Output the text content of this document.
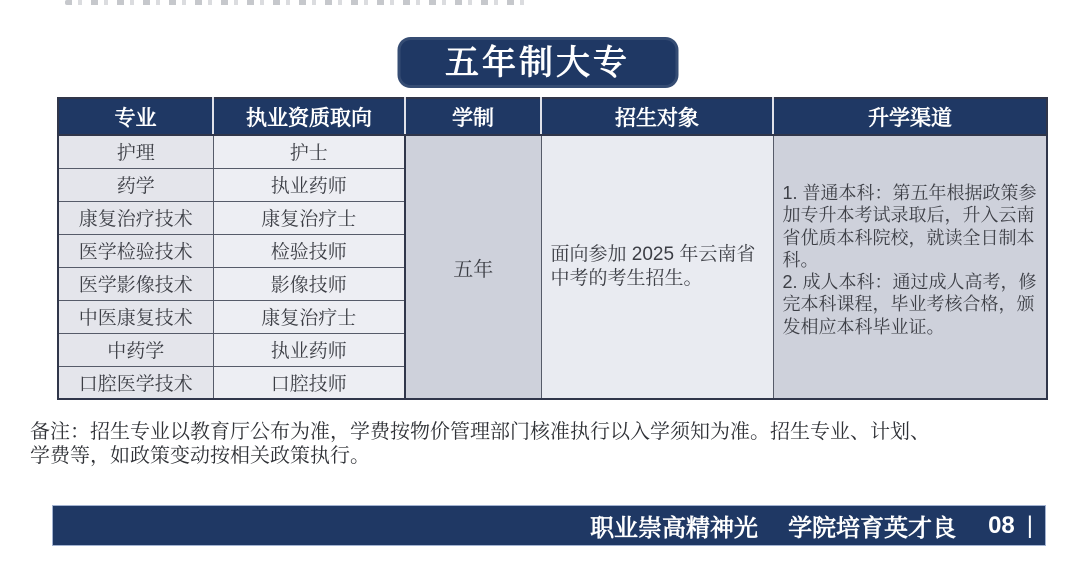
五年制大专
专业	执业资质取向	学制	招生对象	升学渠道
护理	护士	五年	面向参加 2025 年云南省中考的考生招生。	1. 普通本科：第五年根据政策参加专升本考试录取后，升入云南省优质本科院校，就读全日制本科。

2. 成人本科：通过成人高考，修完本科课程，毕业考核合格，颁发相应本科毕业证。

药学	执业药师			
康复治疗技术	康复治疗士			
医学检验技术	检验技师			
医学影像技术	影像技师			
中医康复技术	康复治疗士			
中药学	执业药师			
口腔医学技术	口腔技师			
备注：招生专业以教育厅公布为准，学费按物价管理部门核准执行以入学须知为准。招生专业、计划、
学费等，如政策变动按相关政策执行。
职业崇高精神光 学院培育英才良 08 |
